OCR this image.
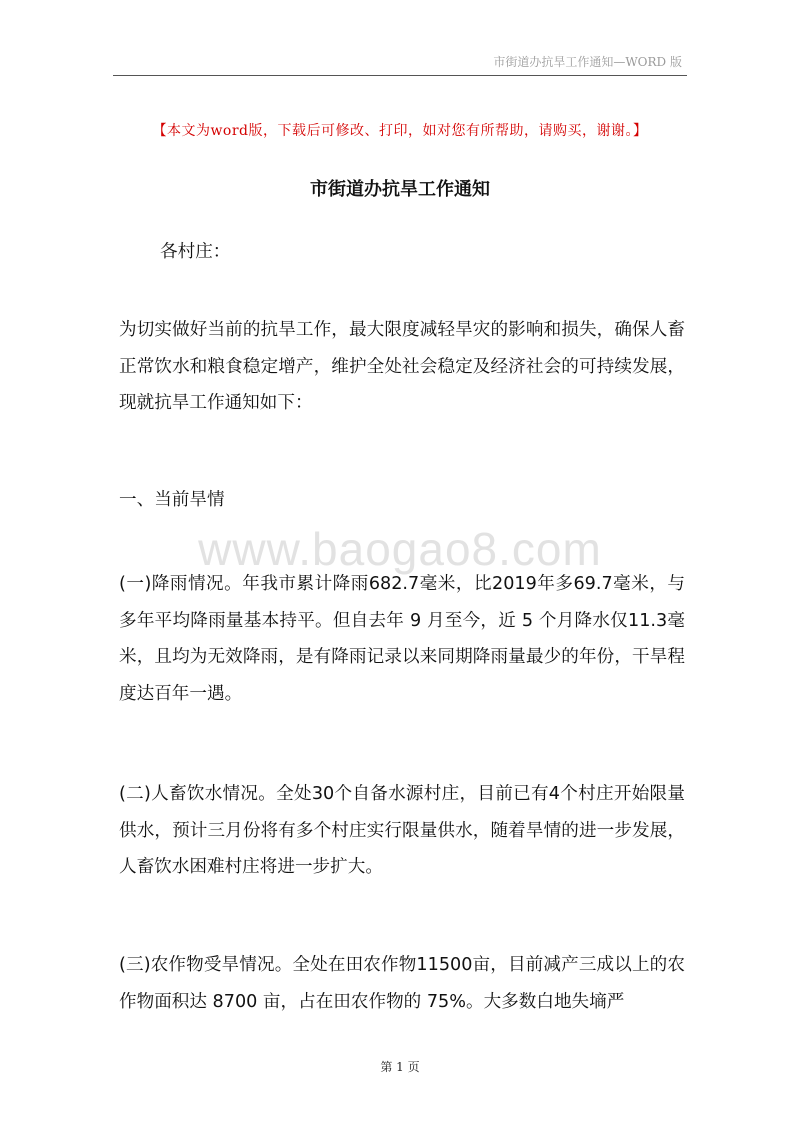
市街道办抗旱工作通知—WORD 版
【本文为word版，下载后可修改、打印，如对您有所帮助，请购买，谢谢。】
市街道办抗旱工作通知

各村庄：

为切实做好当前的抗旱工作，最大限度减轻旱灾的影响和损失，确保人畜正常饮水和粮食稳定增产，维护全处社会稳定及经济社会的可持续发展，现就抗旱工作通知如下：

一、当前旱情

www.baogao8.com

(一)降雨情况。年我市累计降雨682.7毫米，比2019年多69.7毫米，与多年平均降雨量基本持平。但自去年 9 月至今，近 5 个月降水仅11.3毫米，且均为无效降雨，是有降雨记录以来同期降雨量最少的年份，干旱程度达百年一遇。

(二)人畜饮水情况。全处30个自备水源村庄，目前已有4个村庄开始限量供水，预计三月份将有多个村庄实行限量供水，随着旱情的进一步发展，人畜饮水困难村庄将进一步扩大。

(三)农作物受旱情况。全处在田农作物11500亩，目前减产三成以上的农作物面积达 8700 亩，占在田农作物的 75%。大多数白地失墒严

第 1 页
